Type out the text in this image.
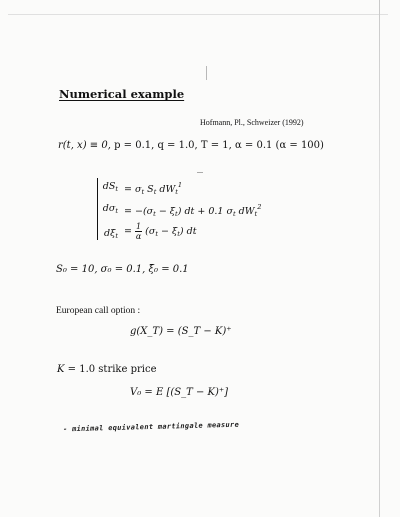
Numerical example
Hofmann, Pl., Schweizer (1992)
r(t, x) ≡ 0, p = 0.1, q = 1.0, T = 1, α = 0.1 (α = 100)
$dS_t = \sigma_t$ $S_t$ $dW_t^1$
$d\sigma_t = -(\sigma_t$ − $\xī_t$) dt + 0.1 $\sigma_t$ $dW_t^2$
$d\xī_t = \frac{1}{\alpha} (\sigma_t$ − $\xī_t$) dt
S₀ = 10, σ₀ = 0.1, ξ̄₀ = 0.1
European call option :
g(X_T) = (S_T − K)⁺
K = 1.0 strike price
V₀ = E [(S_T − K)⁺]
- minimal equivalent martingale measure
